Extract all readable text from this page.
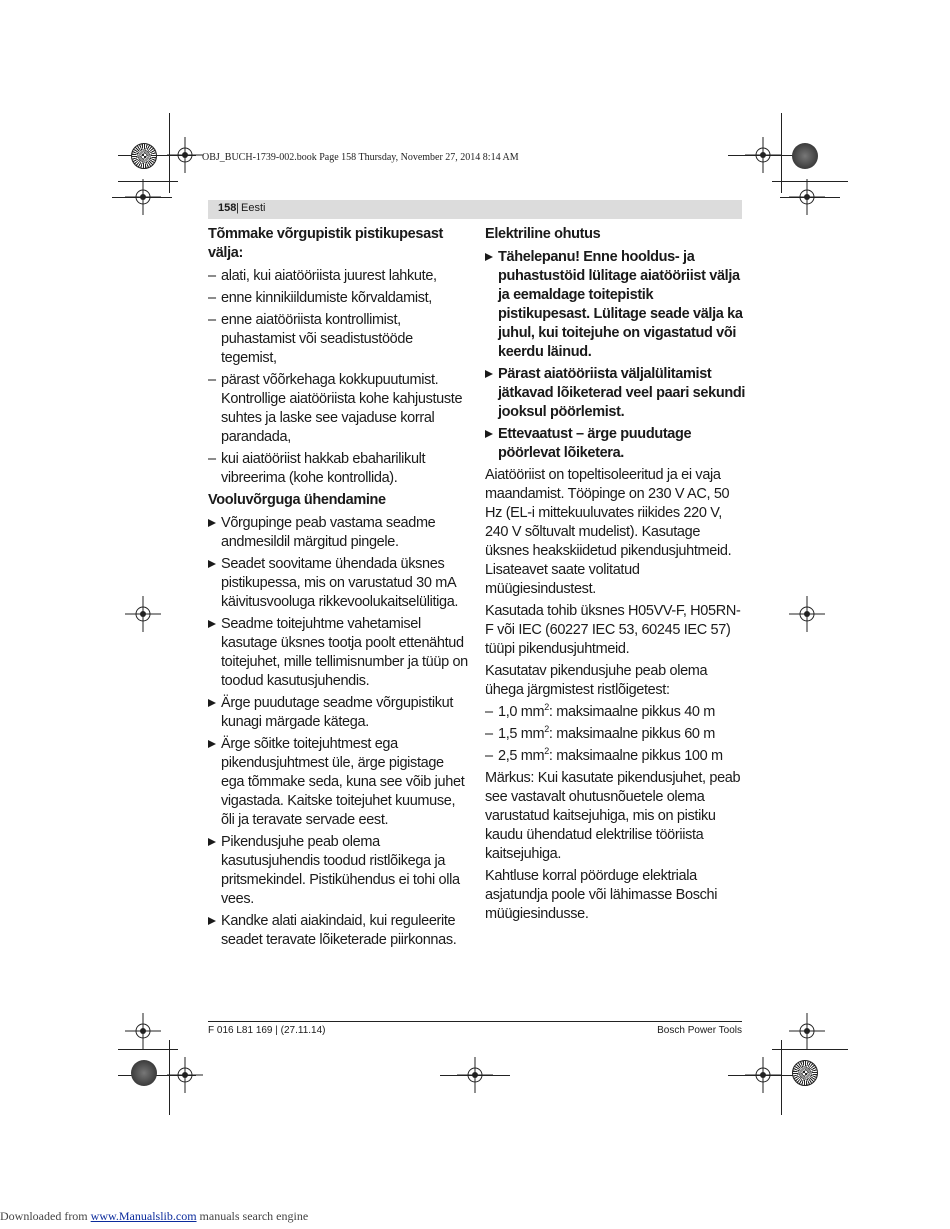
OBJ_BUCH-1739-002.book Page 158 Thursday, November 27, 2014 8:14 AM
158 | Eesti

Tõmmake võrgupistik pistikupesast välja:

– alati, kui aiatööriista juurest lahkute,

– enne kinnikiildumiste kõrvaldamist,

– enne aiatööriista kontrollimist, puhastamist või seadistustööde tegemist,

– pärast võõrkehaga kokkupuutumist. Kontrollige aiatööriista kohe kahjustuste suhtes ja laske see vajaduse korral parandada,

– kui aiatööriist hakkab ebaharilikult vibreerima (kohe kontrollida).

Vooluvõrguga ühendamine

Võrgupinge peab vastama seadme andmesildil märgitud pingele.

Seadet soovitame ühendada üksnes pistikupessa, mis on varustatud 30 mA käivitusvooluga rikkevoolukaitselülitiga.

Seadme toitejuhtme vahetamisel kasutage üksnes tootja poolt ettenähtud toitejuhet, mille tellimisnumber ja tüüp on toodud kasutusjuhendis.

Ärge puudutage seadme võrgupistikut kunagi märgade kätega.

Ärge sõitke toitejuhtmest ega pikendusjuhtmest üle, ärge pigistage ega tõmmake seda, kuna see võib juhet vigastada. Kaitske toitejuhet kuumuse, õli ja teravate servade eest.

Pikendusjuhe peab olema kasutusjuhendis toodud ristlõikega ja pritsmekindel. Pistikühendus ei tohi olla vees.

Kandke alati aiakindaid, kui reguleerite seadet teravate lõiketerade piirkonnas.

Elektriline ohutus

Tähelepanu! Enne hooldus- ja puhastustöid lülitage aiatööriist välja ja eemaldage toitepistik pistikupesast. Lülitage seade välja ka juhul, kui toitejuhe on vigastatud või keerdu läinud.

Pärast aiatööriista väljalülitamist jätkavad lõiketerad veel paari sekundi jooksul pöörlemist.

Ettevaatust – ärge puudutage pöörlevat lõiketera.

Aiatööriist on topeltisoleeritud ja ei vaja maandamist. Tööpinge on 230 V AC, 50 Hz (EL-i mittekuuluvates riikides 220 V, 240 V sõltuvalt mudelist). Kasutage üksnes heakskiidetud pikendusjuhtmeid. Lisateavet saate volitatud müügiesindustest.

Kasutada tohib üksnes H05VV-F, H05RN-F või IEC (60227 IEC 53, 60245 IEC 57) tüüpi pikendusjuhtmeid.

Kasutatav pikendusjuhe peab olema ühega järgmistest ristlõigetest:

– 1,0 $mm^2$: maksimaalne pikkus 40 m

– 1,5 $mm^2$: maksimaalne pikkus 60 m

– 2,5 $mm^2$: maksimaalne pikkus 100 m

Märkus: Kui kasutate pikendusjuhet, peab see vastavalt ohutusnõuetele olema varustatud kaitsejuhiga, mis on pistiku kaudu ühendatud elektrilise tööriista kaitsejuhiga.

Kahtluse korral pöörduge elektriala asjatundja poole või lähimasse Boschi müügiesindusse.

F 016 L81 169 | (27.11.14)	Bosch Power Tools
Downloaded from www.Manualslib.com manuals search engine
